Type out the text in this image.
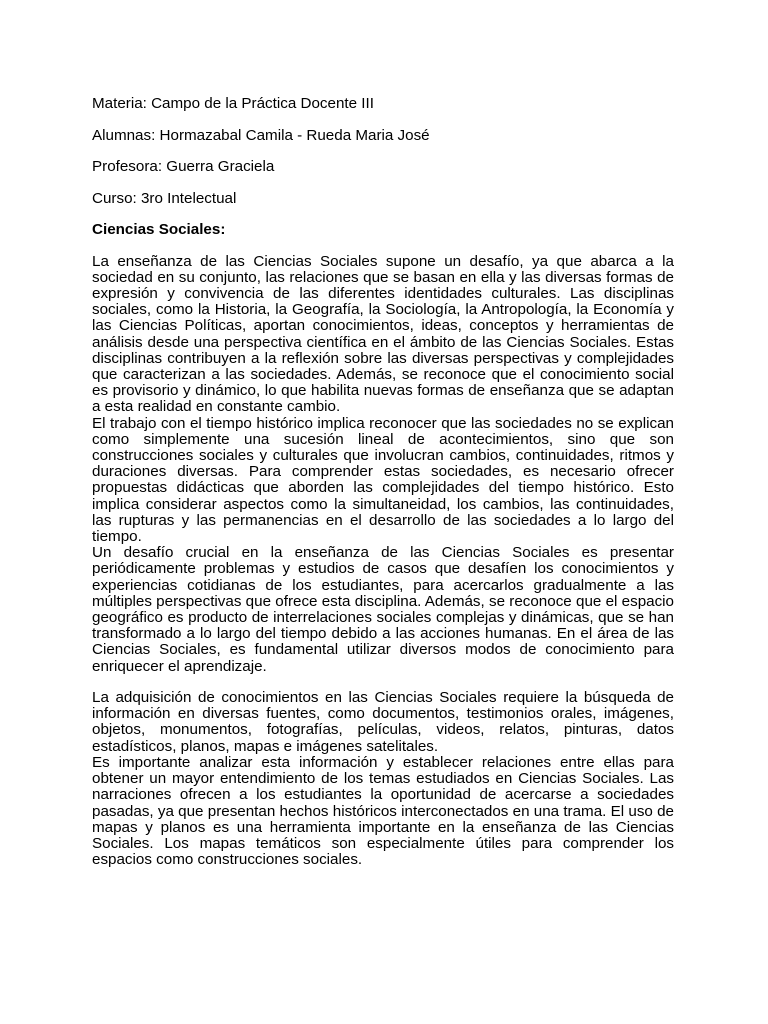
Materia: Campo de la Práctica Docente III
Alumnas: Hormazabal Camila - Rueda Maria José
Profesora: Guerra Graciela
Curso: 3ro Intelectual
Ciencias Sociales:

La enseñanza de las Ciencias Sociales supone un desafío, ya que abarca a la sociedad en su conjunto, las relaciones que se basan en ella y las diversas formas de expresión y convivencia de las diferentes identidades culturales. Las disciplinas sociales, como la Historia, la Geografía, la Sociología, la Antropología, la Economía y las Ciencias Políticas, aportan conocimientos, ideas, conceptos y herramientas de análisis desde una perspectiva científica en el ámbito de las Ciencias Sociales. Estas disciplinas contribuyen a la reflexión sobre las diversas perspectivas y complejidades que caracterizan a las sociedades. Además, se reconoce que el conocimiento social es provisorio y dinámico, lo que habilita nuevas formas de enseñanza que se adaptan a esta realidad en constante cambio.

El trabajo con el tiempo histórico implica reconocer que las sociedades no se explican como simplemente una sucesión lineal de acontecimientos, sino que son construcciones sociales y culturales que involucran cambios, continuidades, ritmos y duraciones diversas. Para comprender estas sociedades, es necesario ofrecer propuestas didácticas que aborden las complejidades del tiempo histórico. Esto implica considerar aspectos como la simultaneidad, los cambios, las continuidades, las rupturas y las permanencias en el desarrollo de las sociedades a lo largo del tiempo.

Un desafío crucial en la enseñanza de las Ciencias Sociales es presentar periódicamente problemas y estudios de casos que desafíen los conocimientos y experiencias cotidianas de los estudiantes, para acercarlos gradualmente a las múltiples perspectivas que ofrece esta disciplina. Además, se reconoce que el espacio geográfico es producto de interrelaciones sociales complejas y dinámicas, que se han transformado a lo largo del tiempo debido a las acciones humanas. En el área de las Ciencias Sociales, es fundamental utilizar diversos modos de conocimiento para enriquecer el aprendizaje.

La adquisición de conocimientos en las Ciencias Sociales requiere la búsqueda de información en diversas fuentes, como documentos, testimonios orales, imágenes, objetos, monumentos, fotografías, películas, videos, relatos, pinturas, datos estadísticos, planos, mapas e imágenes satelitales.

Es importante analizar esta información y establecer relaciones entre ellas para obtener un mayor entendimiento de los temas estudiados en Ciencias Sociales. Las narraciones ofrecen a los estudiantes la oportunidad de acercarse a sociedades pasadas, ya que presentan hechos históricos interconectados en una trama. El uso de mapas y planos es una herramienta importante en la enseñanza de las Ciencias Sociales. Los mapas temáticos son especialmente útiles para comprender los espacios como construcciones sociales.
